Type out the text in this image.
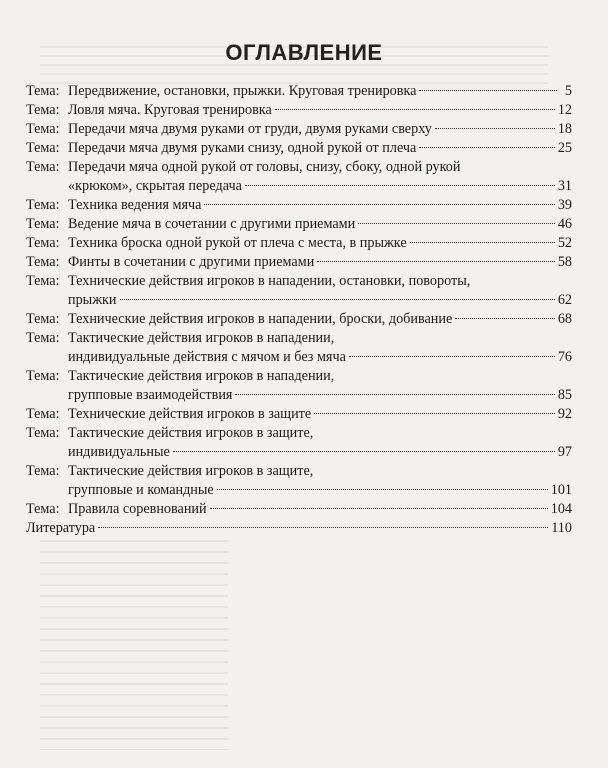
ОГЛАВЛЕНИЕ
Тема: Передвижение, остановки, прыжки. Круговая тренировка	5
Тема: Ловля мяча. Круговая тренировка	12
Тема: Передачи мяча двумя руками от груди, двумя руками сверху	18
Тема: Передачи мяча двумя руками снизу, одной рукой от плеча	25
Тема: Передачи мяча одной рукой от головы, снизу, сбоку, одной рукой
«крюком», скрытая передача	31
Тема: Техника ведения мяча	39
Тема: Ведение мяча в сочетании с другими приемами	46
Тема: Техника броска одной рукой от плеча с места, в прыжке	52
Тема: Финты в сочетании с другими приемами	58
Тема: Технические действия игроков в нападении, остановки, повороты,
прыжки	62
Тема: Технические действия игроков в нападении, броски, добивание	68
Тема: Тактические действия игроков в нападении,
индивидуальные действия с мячом и без мяча	76
Тема: Тактические действия игроков в нападении,
групповые взаимодействия	85
Тема: Технические действия игроков в защите	92
Тема: Тактические действия игроков в защите,
индивидуальные	97
Тема: Тактические действия игроков в защите,
групповые и командные	101
Тема: Правила соревнований	104
Литература	110
